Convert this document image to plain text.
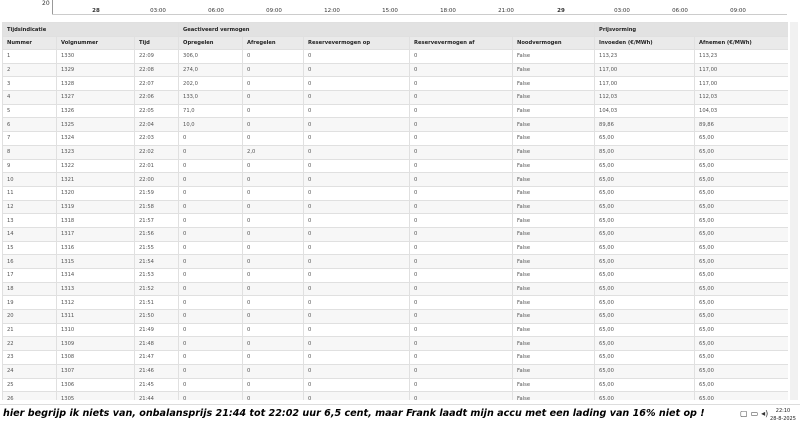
20
28	03:00	06:00	09:00	12:00	15:00	18:00	21:00	29	03:00	06:00	09:00
Tijdsindicatie			Geactiveerd vermogen					Prijsvorming	
Nummer	Volgnummer	Tijd	Opregelen	Afregelen	Reservevermogen op	Reservevermogen af	Noodvermogen	Invoeden (€/MWh)	Afnemen (€/MWh)
1	1330	22:09	306,0	0	0	0	False	113,23	113,23
2	1329	22:08	274,0	0	0	0	False	117,00	117,00
3	1328	22:07	202,0	0	0	0	False	117,00	117,00
4	1327	22:06	133,0	0	0	0	False	112,03	112,03
5	1326	22:05	71,0	0	0	0	False	104,03	104,03
6	1325	22:04	10,0	0	0	0	False	89,86	89,86
7	1324	22:03	0	0	0	0	False	65,00	65,00
8	1323	22:02	0	2,0	0	0	False	85,00	65,00
9	1322	22:01	0	0	0	0	False	65,00	65,00
10	1321	22:00	0	0	0	0	False	65,00	65,00
11	1320	21:59	0	0	0	0	False	65,00	65,00
12	1319	21:58	0	0	0	0	False	65,00	65,00
13	1318	21:57	0	0	0	0	False	65,00	65,00
14	1317	21:56	0	0	0	0	False	65,00	65,00
15	1316	21:55	0	0	0	0	False	65,00	65,00
16	1315	21:54	0	0	0	0	False	65,00	65,00
17	1314	21:53	0	0	0	0	False	65,00	65,00
18	1313	21:52	0	0	0	0	False	65,00	65,00
19	1312	21:51	0	0	0	0	False	65,00	65,00
20	1311	21:50	0	0	0	0	False	65,00	65,00
21	1310	21:49	0	0	0	0	False	65,00	65,00
22	1309	21:48	0	0	0	0	False	65,00	65,00
23	1308	21:47	0	0	0	0	False	65,00	65,00
24	1307	21:46	0	0	0	0	False	65,00	65,00
25	1306	21:45	0	0	0	0	False	65,00	65,00
26	1305	21:44	0	0	0	0	False	65,00	65,00
hier begrijp ik niets van, onbalansprijs 21:44 tot 22:02 uur 6,5 cent, maar Frank laadt mijn accu met een lading van 16% niet op !	▢ ▭ ◂)	22:10
28-8-2025
